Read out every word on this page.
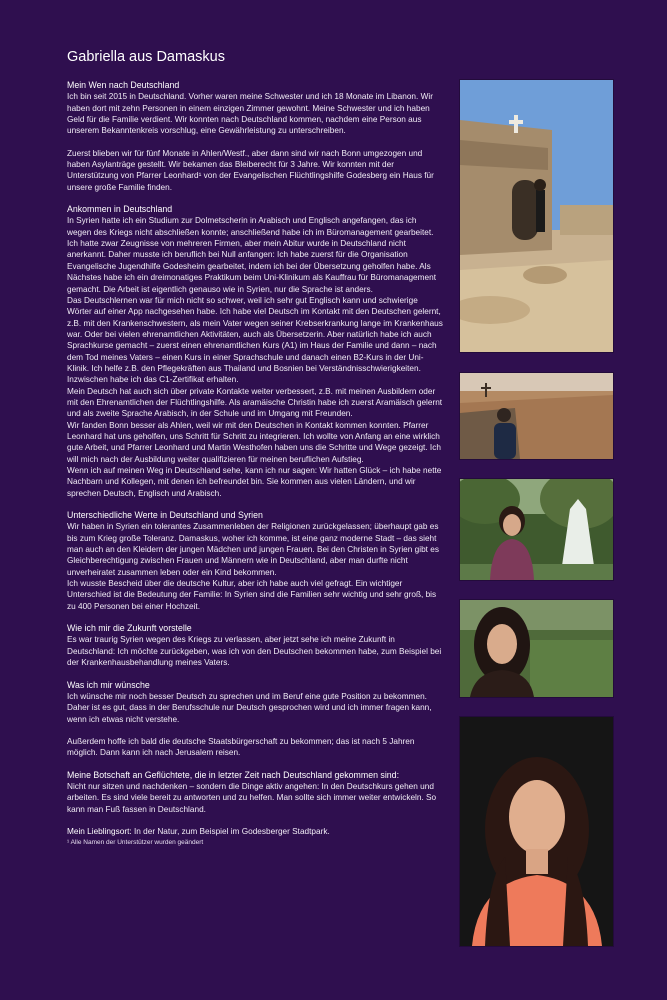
Gabriella aus Damaskus
Mein Wen nach Deutschland

Ich bin seit 2015 in Deutschland. Vorher waren meine Schwester und ich 18 Monate im Libanon. Wir haben dort mit zehn Personen in einem einzigen Zimmer gewohnt. Meine Schwester und ich haben Geld für die Familie verdient. Wir konnten nach Deutschland kommen, nachdem eine Person aus unserem Bekanntenkreis vorschlug, eine Gewährleistung zu unterschreiben.

Zuerst blieben wir für fünf Monate in Ahlen/Westf., aber dann sind wir nach Bonn umgezogen und haben Asylanträge gestellt. Wir bekamen das Bleiberecht für 3 Jahre. Wir konnten mit der Unterstützung von Pfarrer Leonhard¹ von der Evangelischen Flüchtlingshilfe Godesberg ein Haus für unsere große Familie finden.

Ankommen in Deutschland

In Syrien hatte ich ein Studium zur Dolmetscherin in Arabisch und Englisch angefangen, das ich wegen des Kriegs nicht abschließen konnte; anschließend habe ich im Büromanagement gearbeitet. Ich hatte zwar Zeugnisse von mehreren Firmen, aber mein Abitur wurde in Deutschland nicht anerkannt. Daher musste ich beruflich bei Null anfangen: Ich habe zuerst für die Organisation Evangelische Jugendhilfe Godesheim gearbeitet, indem ich bei der Übersetzung geholfen habe. Als Nächstes habe ich ein dreimonatiges Praktikum beim Uni-Klinikum als Kauffrau für Büromanagement gemacht. Die Arbeit ist eigentlich genauso wie in Syrien, nur die Sprache ist anders.

Das Deutschlernen war für mich nicht so schwer, weil ich sehr gut Englisch kann und schwierige Wörter auf einer App nachgesehen habe. Ich habe viel Deutsch im Kontakt mit den Deutschen gelernt, z.B. mit den Krankenschwestern, als mein Vater wegen seiner Krebserkrankung lange im Krankenhaus war. Oder bei vielen ehrenamtlichen Aktivitäten, auch als Übersetzerin. Aber natürlich habe ich auch Sprachkurse gemacht – zuerst einen ehrenamtlichen Kurs (A1) im Haus der Familie und dann – nach dem Tod meines Vaters – einen Kurs in einer Sprachschule und danach einen B2-Kurs in der Uni-Klinik. Ich helfe z.B. den Pflegekräften aus Thailand und Bosnien bei Verständnisschwierigkeiten. Inzwischen habe ich das C1-Zertifikat erhalten.

Mein Deutsch hat auch sich über private Kontakte weiter verbessert, z.B. mit meinen Ausbildern oder mit den Ehrenamtlichen der Flüchtlingshilfe. Als aramäische Christin habe ich zuerst Aramäisch gelernt und als zweite Sprache Arabisch, in der Schule und im Umgang mit Freunden.

Wir fanden Bonn besser als Ahlen, weil wir mit den Deutschen in Kontakt kommen konnten. Pfarrer Leonhard hat uns geholfen, uns Schritt für Schritt zu integrieren. Ich wollte von Anfang an eine wirklich gute Arbeit, und Pfarrer Leonhard und Martin Westhofen haben uns die Schritte und Wege gezeigt. Ich will mich nach der Ausbildung weiter qualifizieren für meinen beruflichen Aufstieg.

Wenn ich auf meinen Weg in Deutschland sehe, kann ich nur sagen: Wir hatten Glück – ich habe nette Nachbarn und Kollegen, mit denen ich befreundet bin. Sie kommen aus vielen Ländern, und wir sprechen Deutsch, Englisch und Arabisch.

Unterschiedliche Werte in Deutschland und Syrien

Wir haben in Syrien ein tolerantes Zusammenleben der Religionen zurückgelassen; überhaupt gab es bis zum Krieg große Toleranz. Damaskus, woher ich komme, ist eine ganz moderne Stadt – das sieht man auch an den Kleidern der jungen Mädchen und jungen Frauen. Bei den Christen in Syrien gibt es Gleichberechtigung zwischen Frauen und Männern wie in Deutschland, aber man durfte nicht unverheiratet zusammen leben oder ein Kind bekommen.

Ich wusste Bescheid über die deutsche Kultur, aber ich habe auch viel gefragt. Ein wichtiger Unterschied ist die Bedeutung der Familie: In Syrien sind die Familien sehr wichtig und sehr groß, bis zu 400 Personen bei einer Hochzeit.

Wie ich mir die Zukunft vorstelle

Es war traurig Syrien wegen des Kriegs zu verlassen, aber jetzt sehe ich meine Zukunft in Deutschland: Ich möchte zurückgeben, was ich von den Deutschen bekommen habe, zum Beispiel bei der Krankenhausbehandlung meines Vaters.

Was ich mir wünsche

Ich wünsche mir noch besser Deutsch zu sprechen und im Beruf eine gute Position zu bekommen. Daher ist es gut, dass in der Berufsschule nur Deutsch gesprochen wird und ich immer fragen kann, wenn ich etwas nicht verstehe.

Außerdem hoffe ich bald die deutsche Staatsbürgerschaft zu bekommen; das ist nach 5 Jahren möglich. Dann kann ich nach Jerusalem reisen.

Meine Botschaft an Geflüchtete, die in letzter Zeit nach Deutschland gekommen sind:

Nicht nur sitzen und nachdenken – sondern die Dinge aktiv angehen: In den Deutschkurs gehen und arbeiten. Es sind viele bereit zu antworten und zu helfen. Man sollte sich immer weiter entwickeln. So kann man Fuß fassen in Deutschland.

Mein Lieblingsort: In der Natur, zum Beispiel im Godesberger Stadtpark.

¹ Alle Namen der Unterstützer wurden geändert
